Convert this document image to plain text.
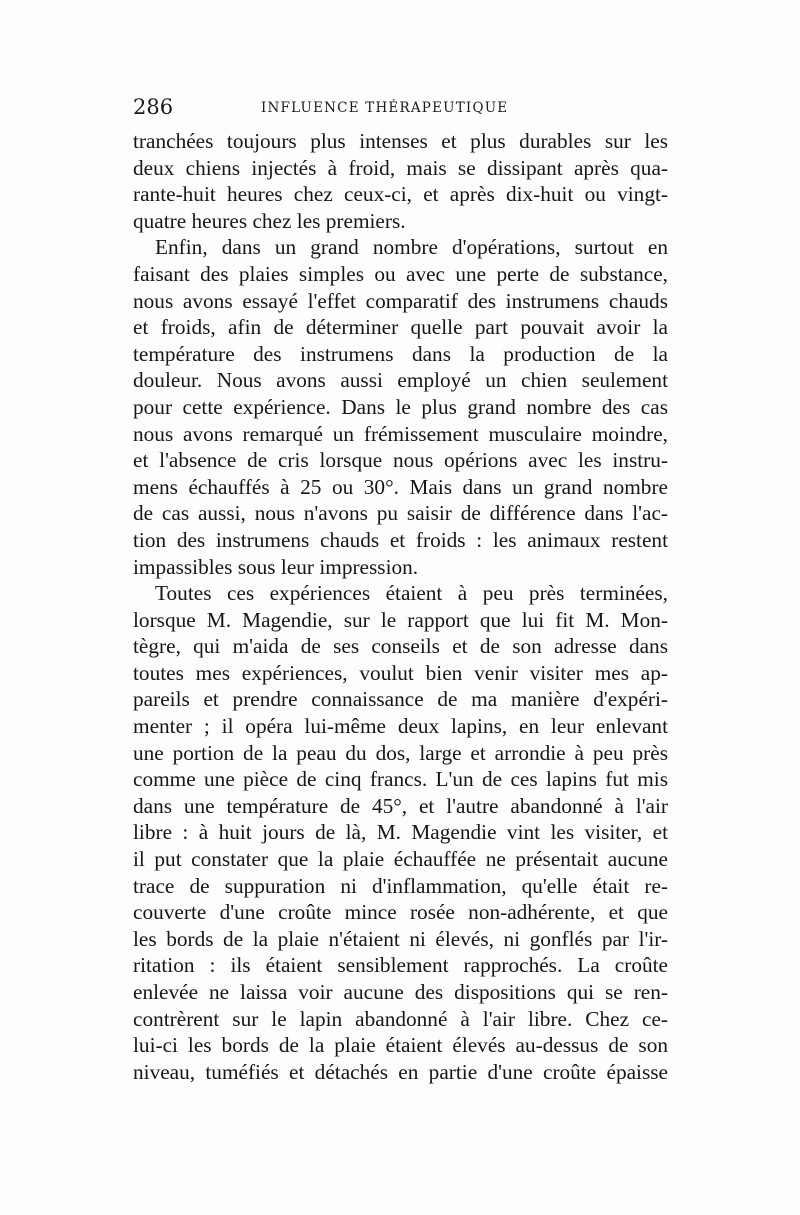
286	INFLUENCE THÉRAPEUTIQUE
tranchées toujours plus intenses et plus durables sur les
deux chiens injectés à froid, mais se dissipant après qua-
rante-huit heures chez ceux-ci, et après dix-huit ou vingt-
quatre heures chez les premiers.
Enfin, dans un grand nombre d'opérations, surtout en
faisant des plaies simples ou avec une perte de substance,
nous avons essayé l'effet comparatif des instrumens chauds
et froids, afin de déterminer quelle part pouvait avoir la
température des instrumens dans la production de la
douleur. Nous avons aussi employé un chien seulement
pour cette expérience. Dans le plus grand nombre des cas
nous avons remarqué un frémissement musculaire moindre,
et l'absence de cris lorsque nous opérions avec les instru-
mens échauffés à 25 ou 30°. Mais dans un grand nombre
de cas aussi, nous n'avons pu saisir de différence dans l'ac-
tion des instrumens chauds et froids : les animaux restent
impassibles sous leur impression.
Toutes ces expériences étaient à peu près terminées,
lorsque M. Magendie, sur le rapport que lui fit M. Mon-
tègre, qui m'aida de ses conseils et de son adresse dans
toutes mes expériences, voulut bien venir visiter mes ap-
pareils et prendre connaissance de ma manière d'expéri-
menter ; il opéra lui-même deux lapins, en leur enlevant
une portion de la peau du dos, large et arrondie à peu près
comme une pièce de cinq francs. L'un de ces lapins fut mis
dans une température de 45°, et l'autre abandonné à l'air
libre : à huit jours de là, M. Magendie vint les visiter, et
il put constater que la plaie échauffée ne présentait aucune
trace de suppuration ni d'inflammation, qu'elle était re-
couverte d'une croûte mince rosée non-adhérente, et que
les bords de la plaie n'étaient ni élevés, ni gonflés par l'ir-
ritation : ils étaient sensiblement rapprochés. La croûte
enlevée ne laissa voir aucune des dispositions qui se ren-
contrèrent sur le lapin abandonné à l'air libre. Chez ce-
lui-ci les bords de la plaie étaient élevés au-dessus de son
niveau, tuméfiés et détachés en partie d'une croûte épaisse
